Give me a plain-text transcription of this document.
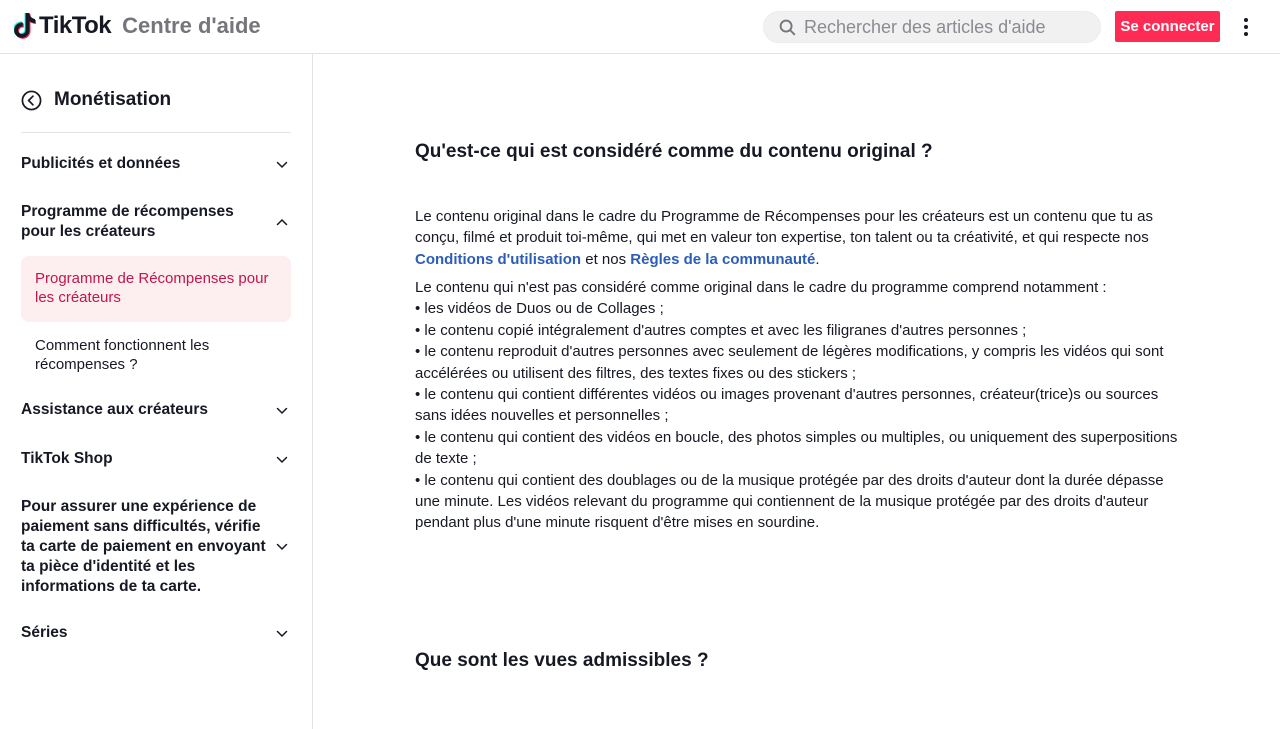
TikTok Centre d'aide
Rechercher des articles d'aide	Se connecter
Monétisation
Publicités et données
Programme de récompenses pour les créateurs
Programme de Récompenses pour les créateurs
Comment fonctionnent les récompenses ?
Assistance aux créateurs
TikTok Shop
Pour assurer une expérience de paiement sans difficultés, vérifie ta carte de paiement en envoyant ta pièce d'identité et les informations de ta carte.
Séries
Qu'est-ce qui est considéré comme du contenu original ?

Le contenu original dans le cadre du Programme de Récompenses pour les créateurs est un contenu que tu as conçu, filmé et produit toi-même, qui met en valeur ton expertise, ton talent ou ta créativité, et qui respecte nos Conditions d'utilisation et nos Règles de la communauté.

Le contenu qui n'est pas considéré comme original dans le cadre du programme comprend notamment :
• les vidéos de Duos ou de Collages ;
• le contenu copié intégralement d'autres comptes et avec les filigranes d'autres personnes ;
• le contenu reproduit d'autres personnes avec seulement de légères modifications, y compris les vidéos qui sont accélérées ou utilisent des filtres, des textes fixes ou des stickers ;
• le contenu qui contient différentes vidéos ou images provenant d'autres personnes, créateur(trice)s ou sources sans idées nouvelles et personnelles ;
• le contenu qui contient des vidéos en boucle, des photos simples ou multiples, ou uniquement des superpositions de texte ;
• le contenu qui contient des doublages ou de la musique protégée par des droits d'auteur dont la durée dépasse une minute. Les vidéos relevant du programme qui contiennent de la musique protégée par des droits d'auteur pendant plus d'une minute risquent d'être mises en sourdine.
Que sont les vues admissibles ?
